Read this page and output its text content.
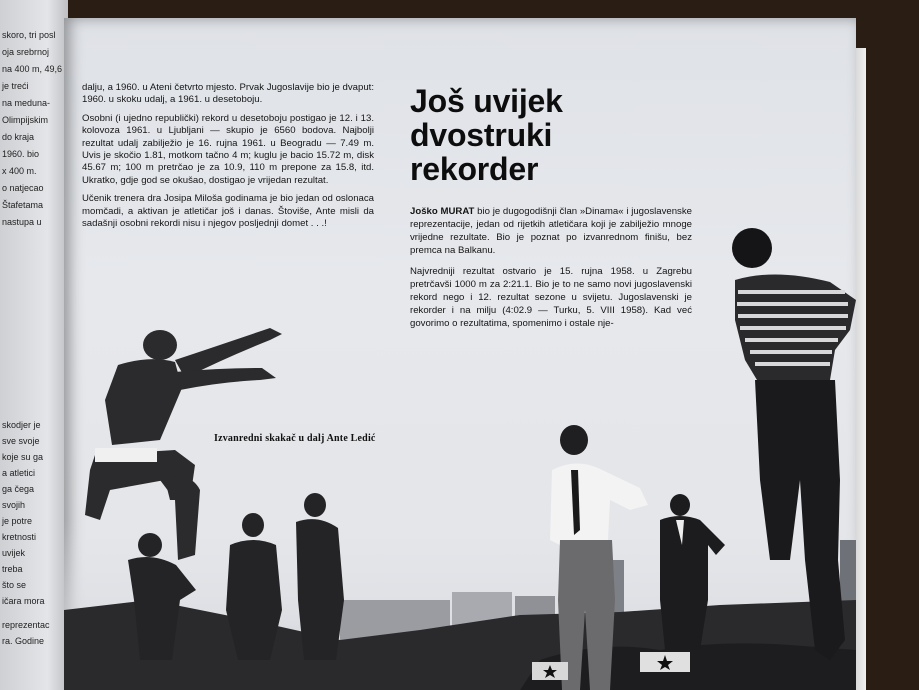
skoro, tri posl
oja srebrnoj
na 400 m, 49,6
je treći
na meduna-
Olimpijskim
do kraja
1960. bio
x 400 m.
o natjecao
Štafetama
nastupa u
skodjer je
sve svoje
koje su ga
a atletici
ga čega
svojih
je potre
kretnosti
uvijek
treba
što se
ičara mora
reprezentac
ra. Godine

dalju, a 1960. u Ateni četvrto mjesto. Prvak Jugoslavije bio je dvaput: 1960. u skoku udalj, a 1961. u desetoboju.

Osobni (i ujedno republički) rekord u desetoboju postigao je 12. i 13. kolovoza 1961. u Ljubljani — skupio je 6560 bodova. Najbolji rezultat udalj zabilježio je 16. rujna 1961. u Beogradu — 7.49 m. Uvis je skočio 1.81, motkom tačno 4 m; kuglu je bacio 15.72 m, disk 45.67 m; 100 m pretrčao je za 10.9, 110 m prepone za 15.8, itd. Ukratko, gdje god se okušao, dostigao je vrijedan rezultat.

Učenik trenera dra Josipa Miloša godinama je bio jedan od oslonaca momčadi, a aktivan je atletičar još i danas. Štoviše, Ante misli da sadašnji osobni rekordi nisu i njegov posljednji domet . . .!

Još uvijek
dvostruki
rekorder

Joško MURAT bio je dugogodišnji član »Dinama« i jugoslavenske reprezentacije, jedan od rijetkih atletičara koji je zabilježio mnoge vrijedne rezultate. Bio je poznat po izvanrednom finišu, bez premca na Balkanu.

Najvredniji rezultat ostvario je 15. rujna 1958. u Zagrebu pretrčavši 1000 m za 2:21.1. Bio je to ne samo novi jugoslavenski rekord nego i 12. rezultat sezone u svijetu. Jugoslavenski je rekorder i na milju (4:02.9 — Turku, 5. VIII 1958). Kad već govorimo o rezultatima, spomenimo i ostale nje-

Izvanredni skakač u dalj Ante Ledić
